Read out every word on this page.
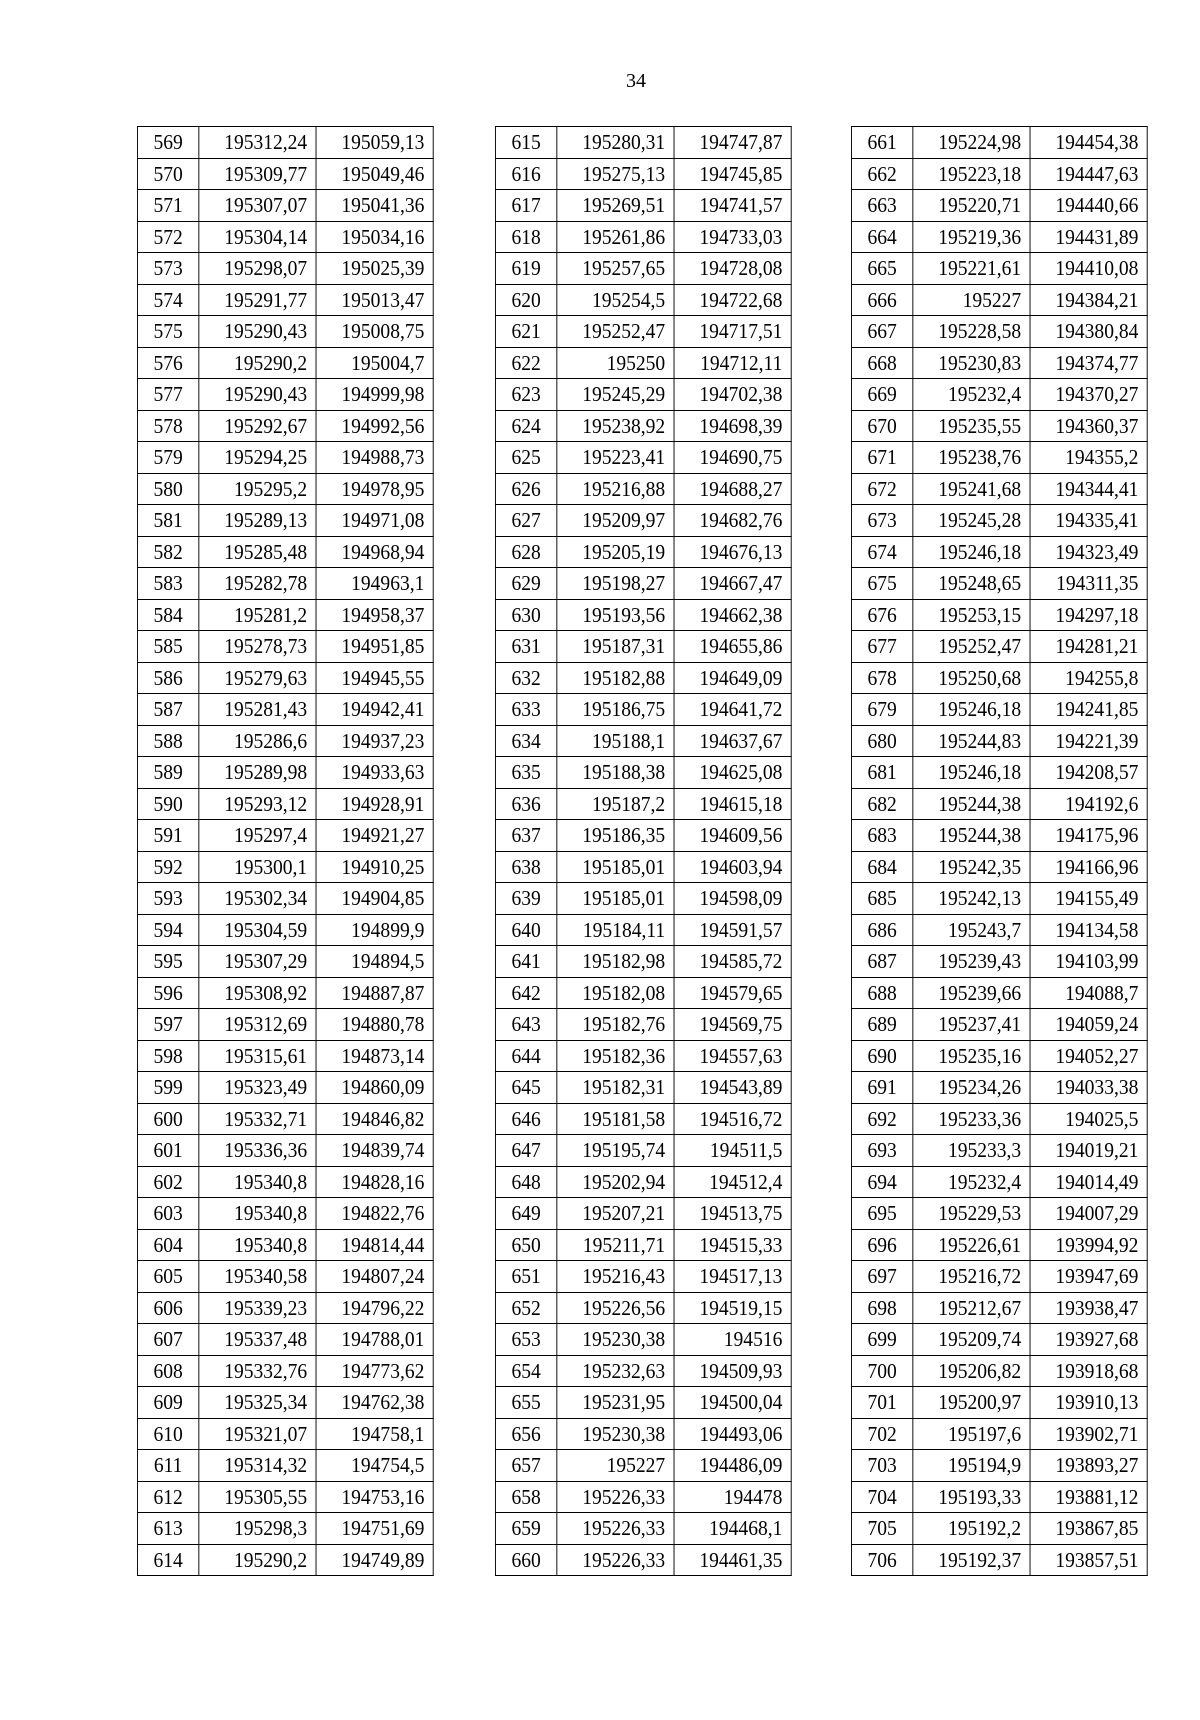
34
569	195312,24	195059,13
570	195309,77	195049,46
571	195307,07	195041,36
572	195304,14	195034,16
573	195298,07	195025,39
574	195291,77	195013,47
575	195290,43	195008,75
576	195290,2	195004,7
577	195290,43	194999,98
578	195292,67	194992,56
579	195294,25	194988,73
580	195295,2	194978,95
581	195289,13	194971,08
582	195285,48	194968,94
583	195282,78	194963,1
584	195281,2	194958,37
585	195278,73	194951,85
586	195279,63	194945,55
587	195281,43	194942,41
588	195286,6	194937,23
589	195289,98	194933,63
590	195293,12	194928,91
591	195297,4	194921,27
592	195300,1	194910,25
593	195302,34	194904,85
594	195304,59	194899,9
595	195307,29	194894,5
596	195308,92	194887,87
597	195312,69	194880,78
598	195315,61	194873,14
599	195323,49	194860,09
600	195332,71	194846,82
601	195336,36	194839,74
602	195340,8	194828,16
603	195340,8	194822,76
604	195340,8	194814,44
605	195340,58	194807,24
606	195339,23	194796,22
607	195337,48	194788,01
608	195332,76	194773,62
609	195325,34	194762,38
610	195321,07	194758,1
611	195314,32	194754,5
612	195305,55	194753,16
613	195298,3	194751,69
614	195290,2	194749,89
615	195280,31	194747,87
616	195275,13	194745,85
617	195269,51	194741,57
618	195261,86	194733,03
619	195257,65	194728,08
620	195254,5	194722,68
621	195252,47	194717,51
622	195250	194712,11
623	195245,29	194702,38
624	195238,92	194698,39
625	195223,41	194690,75
626	195216,88	194688,27
627	195209,97	194682,76
628	195205,19	194676,13
629	195198,27	194667,47
630	195193,56	194662,38
631	195187,31	194655,86
632	195182,88	194649,09
633	195186,75	194641,72
634	195188,1	194637,67
635	195188,38	194625,08
636	195187,2	194615,18
637	195186,35	194609,56
638	195185,01	194603,94
639	195185,01	194598,09
640	195184,11	194591,57
641	195182,98	194585,72
642	195182,08	194579,65
643	195182,76	194569,75
644	195182,36	194557,63
645	195182,31	194543,89
646	195181,58	194516,72
647	195195,74	194511,5
648	195202,94	194512,4
649	195207,21	194513,75
650	195211,71	194515,33
651	195216,43	194517,13
652	195226,56	194519,15
653	195230,38	194516
654	195232,63	194509,93
655	195231,95	194500,04
656	195230,38	194493,06
657	195227	194486,09
658	195226,33	194478
659	195226,33	194468,1
660	195226,33	194461,35
661	195224,98	194454,38
662	195223,18	194447,63
663	195220,71	194440,66
664	195219,36	194431,89
665	195221,61	194410,08
666	195227	194384,21
667	195228,58	194380,84
668	195230,83	194374,77
669	195232,4	194370,27
670	195235,55	194360,37
671	195238,76	194355,2
672	195241,68	194344,41
673	195245,28	194335,41
674	195246,18	194323,49
675	195248,65	194311,35
676	195253,15	194297,18
677	195252,47	194281,21
678	195250,68	194255,8
679	195246,18	194241,85
680	195244,83	194221,39
681	195246,18	194208,57
682	195244,38	194192,6
683	195244,38	194175,96
684	195242,35	194166,96
685	195242,13	194155,49
686	195243,7	194134,58
687	195239,43	194103,99
688	195239,66	194088,7
689	195237,41	194059,24
690	195235,16	194052,27
691	195234,26	194033,38
692	195233,36	194025,5
693	195233,3	194019,21
694	195232,4	194014,49
695	195229,53	194007,29
696	195226,61	193994,92
697	195216,72	193947,69
698	195212,67	193938,47
699	195209,74	193927,68
700	195206,82	193918,68
701	195200,97	193910,13
702	195197,6	193902,71
703	195194,9	193893,27
704	195193,33	193881,12
705	195192,2	193867,85
706	195192,37	193857,51
